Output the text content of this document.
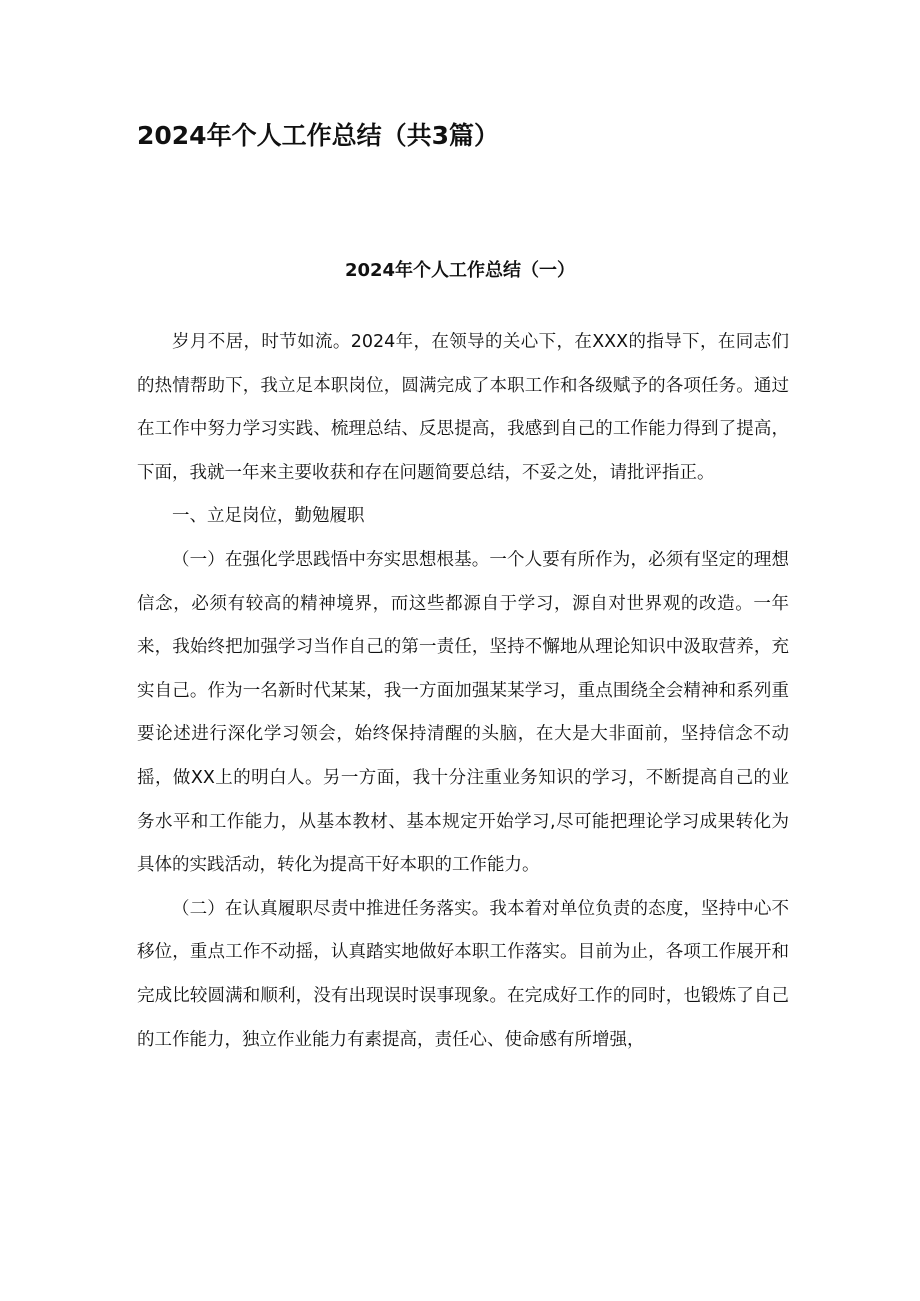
2024年个人工作总结（共3篇）
2024年个人工作总结（一）

岁月不居，时节如流。2024年，在领导的关心下，在XXX的指导下，在同志们的热情帮助下，我立足本职岗位，圆满完成了本职工作和各级赋予的各项任务。通过在工作中努力学习实践、梳理总结、反思提高，我感到自己的工作能力得到了提高，下面，我就一年来主要收获和存在问题简要总结，不妥之处，请批评指正。

一、立足岗位，勤勉履职

（一）在强化学思践悟中夯实思想根基。一个人要有所作为，必须有坚定的理想信念，必须有较高的精神境界，而这些都源自于学习，源自对世界观的改造。一年来，我始终把加强学习当作自己的第一责任，坚持不懈地从理论知识中汲取营养，充实自己。作为一名新时代某某，我一方面加强某某学习，重点围绕全会精神和系列重要论述进行深化学习领会，始终保持清醒的头脑，在大是大非面前，坚持信念不动摇，做XX上的明白人。另一方面，我十分注重业务知识的学习，不断提高自己的业务水平和工作能力，从基本教材、基本规定开始学习,尽可能把理论学习成果转化为具体的实践活动，转化为提高干好本职的工作能力。

（二）在认真履职尽责中推进任务落实。我本着对单位负责的态度，坚持中心不移位，重点工作不动摇，认真踏实地做好本职工作落实。目前为止，各项工作展开和完成比较圆满和顺利，没有出现误时误事现象。在完成好工作的同时，也锻炼了自己的工作能力，独立作业能力有素提高，责任心、使命感有所增强，
